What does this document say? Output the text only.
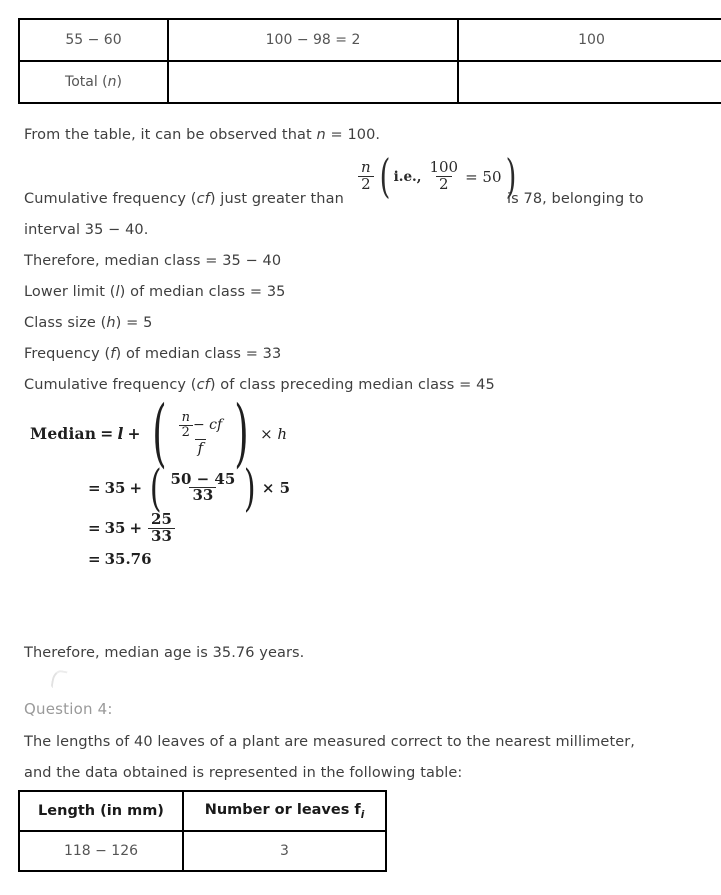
55 − 60	100 − 98 = 2	100
Total (n)		
From the table, it can be observed that n = 100.
Cumulative frequency (cf) just greater than
$\frac{n}{2}$ ( i.e., $\frac{100}{2} = 50$ )
is 78, belonging to
interval 35 − 40.
Therefore, median class = 35 − 40
Lower limit (l) of median class = 35
Class size (h) = 5
Frequency (f) of median class = 33
Cumulative frequency (cf) of class preceding median class = 45
Median = l + ( $\frac{\frac{n}{2} - cf}{f}$ ) × h
= 35 + ( $\frac{50 - 45}{33}$ ) × 5
= $35 + \frac{25}{33}$
= 35.76
Therefore, median age is 35.76 years.
Question 4:
The lengths of 40 leaves of a plant are measured correct to the nearest millimeter,
and the data obtained is represented in the following table:
Length (in mm)	Number or leaves $f_i$
118 − 126	3
